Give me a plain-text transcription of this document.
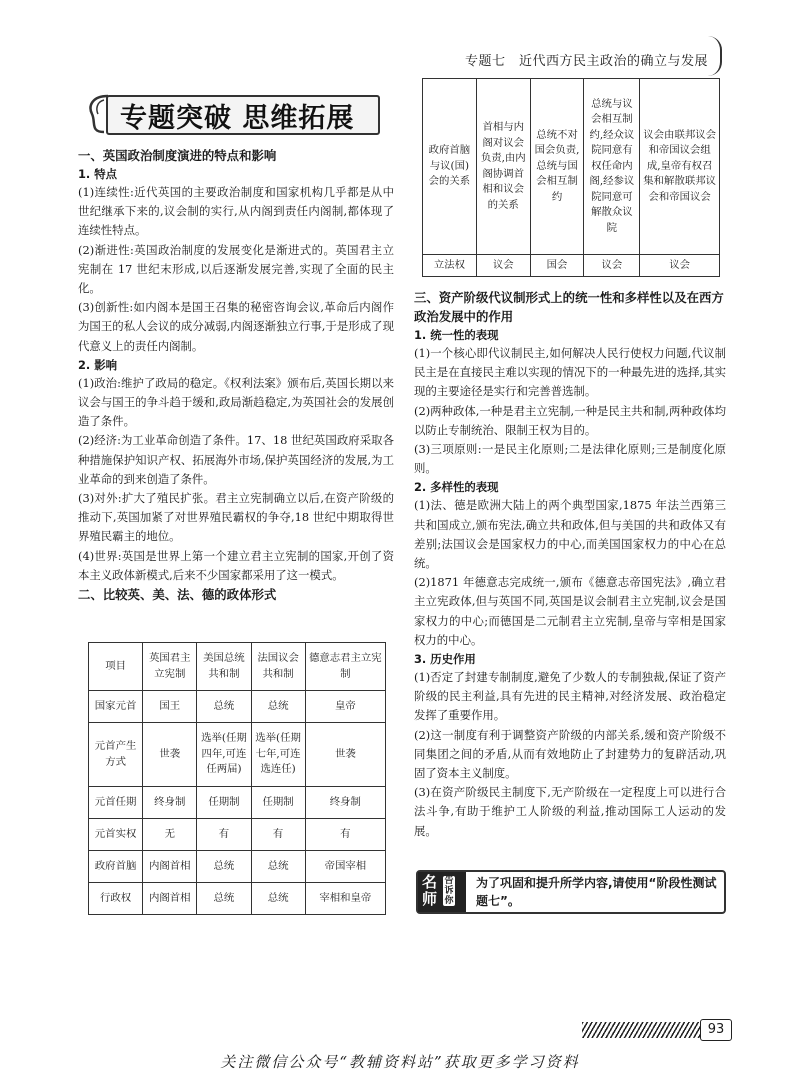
专题七　近代西方民主政治的确立与发展
专题突破 思维拓展

一、英国政治制度演进的特点和影响

1. 特点

(1)连续性:近代英国的主要政治制度和国家机构几乎都是从中世纪继承下来的,议会制的实行,从内阁到责任内阁制,都体现了连续性特点。

(2)渐进性:英国政治制度的发展变化是渐进式的。英国君主立宪制在 17 世纪末形成,以后逐渐发展完善,实现了全面的民主化。

(3)创新性:如内阁本是国王召集的秘密咨询会议,革命后内阁作为国王的私人会议的成分减弱,内阁逐渐独立行事,于是形成了现代意义上的责任内阁制。

2. 影响

(1)政治:维护了政局的稳定。《权利法案》颁布后,英国长期以来议会与国王的争斗趋于缓和,政局渐趋稳定,为英国社会的发展创造了条件。

(2)经济:为工业革命创造了条件。17、18 世纪英国政府采取各种措施保护知识产权、拓展海外市场,保护英国经济的发展,为工业革命的到来创造了条件。

(3)对外:扩大了殖民扩张。君主立宪制确立以后,在资产阶级的推动下,英国加紧了对世界殖民霸权的争夺,18 世纪中期取得世界殖民霸主的地位。

(4)世界:英国是世界上第一个建立君主立宪制的国家,开创了资本主义政体新模式,后来不少国家都采用了这一模式。

二、比较英、美、法、德的政体形式

项目	英国君主立宪制	美国总统共和制	法国议会共和制	德意志君主立宪制
国家元首	国王	总统	总统	皇帝
元首产生方式	世袭	选举(任期四年,可连任两届)	选举(任期七年,可连选连任)	世袭
元首任期	终身制	任期制	任期制	终身制
元首实权	无	有	有	有
政府首脑	内阁首相	总统	总统	帝国宰相
行政权	内阁首相	总统	总统	宰相和皇帝
政府首脑与议(国)会的关系	首相与内阁对议会负责,由内阁协调首相和议会的关系	总统不对国会负责,总统与国会相互制约	总统与议会相互制约,经众议院同意有权任命内阁,经参议院同意可解散众议院	议会由联邦议会和帝国议会组成,皇帝有权召集和解散联邦议会和帝国议会
立法权	议会	国会	议会	议会

三、资产阶级代议制形式上的统一性和多样性以及在西方政治发展中的作用

1. 统一性的表现

(1)一个核心即代议制民主,如何解决人民行使权力问题,代议制民主是在直接民主难以实现的情况下的一种最先进的选择,其实现的主要途径是实行和完善普选制。

(2)两种政体,一种是君主立宪制,一种是民主共和制,两种政体均以防止专制统治、限制王权为目的。

(3)三项原则:一是民主化原则;二是法律化原则;三是制度化原则。

2. 多样性的表现

(1)法、德是欧洲大陆上的两个典型国家,1875 年法兰西第三共和国成立,颁布宪法,确立共和政体,但与美国的共和政体又有差别;法国议会是国家权力的中心,而美国国家权力的中心在总统。

(2)1871 年德意志完成统一,颁布《德意志帝国宪法》,确立君主立宪政体,但与英国不同,英国是议会制君主立宪制,议会是国家权力的中心;而德国是二元制君主立宪制,皇帝与宰相是国家权力的中心。

3. 历史作用

(1)否定了封建专制制度,避免了少数人的专制独裁,保证了资产阶级的民主利益,具有先进的民主精神,对经济发展、政治稳定发挥了重要作用。

(2)这一制度有利于调整资产阶级的内部关系,缓和资产阶级不同集团之间的矛盾,从而有效地防止了封建势力的复辟活动,巩固了资本主义制度。

(3)在资产阶级民主制度下,无产阶级在一定程度上可以进行合法斗争,有助于维护工人阶级的利益,推动国际工人运动的发展。

名师
告诉你
为了巩固和提升所学内容,请使用“阶段性测试题七”。
93
关注微信公众号“教辅资料站”获取更多学习资料
